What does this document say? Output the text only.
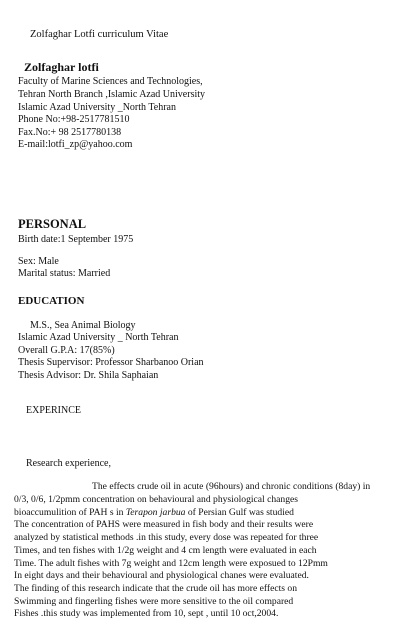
Zolfaghar Lotfi curriculum Vitae
Zolfaghar lotfi
Faculty of Marine Sciences and Technologies,
Tehran North Branch ,Islamic Azad University
Islamic Azad University _North Tehran
Phone No:+98-2517781510
Fax.No:+ 98 2517780138
E-mail:lotfi_zp@yahoo.com
PERSONAL
Birth date:1 September 1975
Sex: Male
Marital status: Married
EDUCATION
M.S., Sea Animal Biology
Islamic Azad University _ North Tehran
Overall G.P.A: 17(85%)
Thesis Supervisor: Professor Sharbanoo Orian
Thesis Advisor: Dr. Shila Saphaian
EXPERINCE
Research experience,
The effects crude oil in acute (96hours) and chronic conditions (8day) in
0/3, 0/6, 1/2pmm concentration on behavioural and physiological changes
bioaccumulition of PAH s in Terapon jarbua of Persian Gulf was studied
The concentration of PAHS were measured in fish body and their results were
analyzed by statistical methods .in this study, every dose was repeated for three
Times, and ten fishes with 1/2g weight and 4 cm length were evaluated in each
Time. The adult fishes with 7g weight and 12cm length were exposued to 12Pmm
In eight days and their behavioural and physiological chanes were evaluated.
The finding of this research indicate that the crude oil has more effects on
Swimming and fingerling fishes were more sensitive to the oil compared
Fishes .this study was implemented from 10, sept , until 10 oct,2004.
